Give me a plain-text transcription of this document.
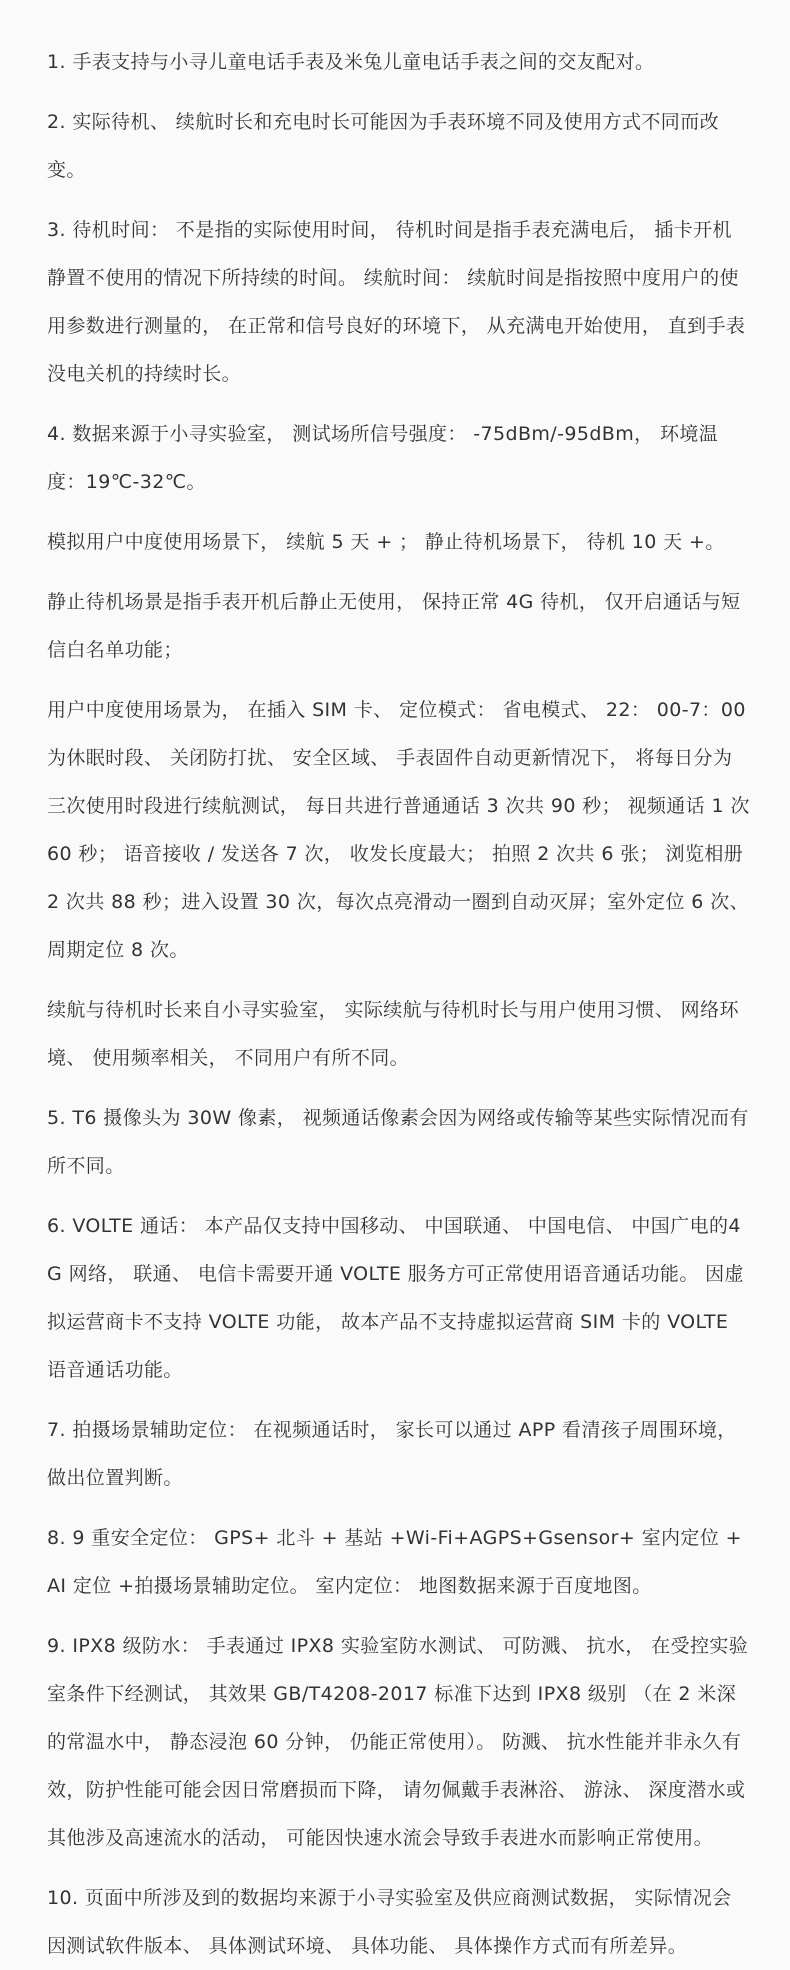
1. 手表支持与小寻儿童电话手表及米兔儿童电话手表之间的交友配对。

2. 实际待机、 续航时长和充电时长可能因为手表环境不同及使用方式不同而改变。

3. 待机时间： 不是指的实际使用时间， 待机时间是指手表充满电后， 插卡开机静置不使用的情况下所持续的时间。 续航时间： 续航时间是指按照中度用户的使用参数进行测量的， 在正常和信号良好的环境下， 从充满电开始使用， 直到手表没电关机的持续时长。

4. 数据来源于小寻实验室， 测试场所信号强度： -75dBm/-95dBm， 环境温度：19℃-32℃。

模拟用户中度使用场景下， 续航 5 天 + ； 静止待机场景下， 待机 10 天 +。

静止待机场景是指手表开机后静止无使用， 保持正常 4G 待机， 仅开启通话与短信白名单功能；

用户中度使用场景为， 在插入 SIM 卡、 定位模式： 省电模式、 22： 00-7：00 为休眠时段、 关闭防打扰、 安全区域、 手表固件自动更新情况下， 将每日分为三次使用时段进行续航测试， 每日共进行普通通话 3 次共 90 秒； 视频通话 1 次 60 秒； 语音接收 / 发送各 7 次， 收发长度最大； 拍照 2 次共 6 张； 浏览相册 2 次共 88 秒；进入设置 30 次，每次点亮滑动一圈到自动灭屏；室外定位 6 次、周期定位 8 次。

续航与待机时长来自小寻实验室， 实际续航与待机时长与用户使用习惯、 网络环境、 使用频率相关， 不同用户有所不同。

5. T6 摄像头为 30W 像素， 视频通话像素会因为网络或传输等某些实际情况而有所不同。

6. VOLTE 通话： 本产品仅支持中国移动、 中国联通、 中国电信、 中国广电的4G 网络， 联通、 电信卡需要开通 VOLTE 服务方可正常使用语音通话功能。 因虚拟运营商卡不支持 VOLTE 功能， 故本产品不支持虚拟运营商 SIM 卡的 VOLTE 语音通话功能。

7. 拍摄场景辅助定位： 在视频通话时， 家长可以通过 APP 看清孩子周围环境， 做出位置判断。

8. 9 重安全定位： GPS+ 北斗 + 基站 +Wi-Fi+AGPS+Gsensor+ 室内定位 +AI 定位 +拍摄场景辅助定位。 室内定位： 地图数据来源于百度地图。

9. IPX8 级防水： 手表通过 IPX8 实验室防水测试、 可防溅、 抗水， 在受控实验室条件下经测试， 其效果 GB/T4208-2017 标准下达到 IPX8 级别 （在 2 米深的常温水中， 静态浸泡 60 分钟， 仍能正常使用）。 防溅、 抗水性能并非永久有效，防护性能可能会因日常磨损而下降， 请勿佩戴手表淋浴、 游泳、 深度潜水或其他涉及高速流水的活动， 可能因快速水流会导致手表进水而影响正常使用。

10. 页面中所涉及到的数据均来源于小寻实验室及供应商测试数据， 实际情况会因测试软件版本、 具体测试环境、 具体功能、 具体操作方式而有所差异。
